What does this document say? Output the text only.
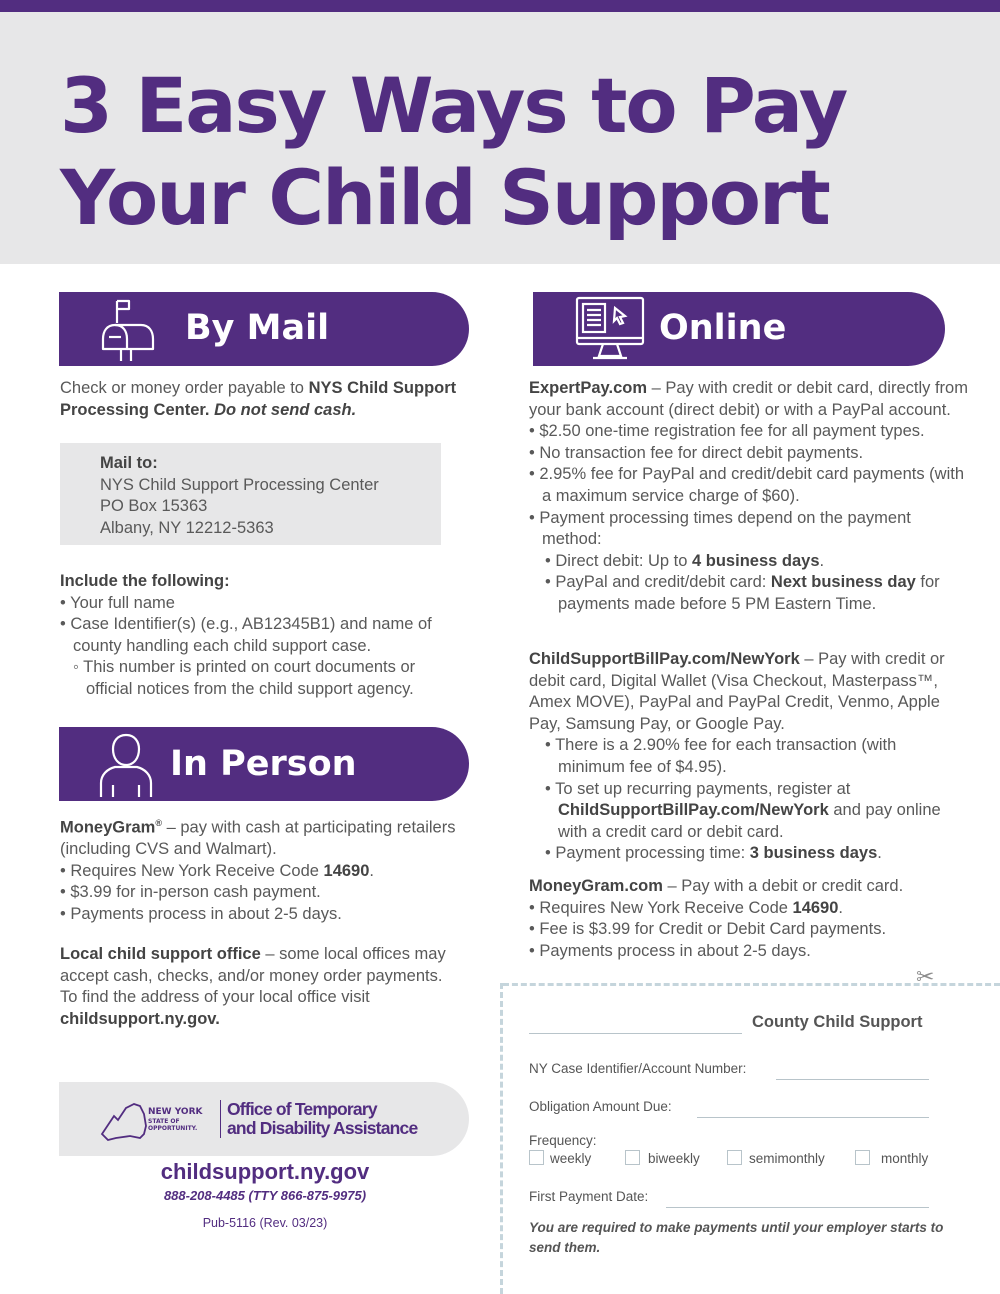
3 Easy Ways to Pay
Your Child Support
By Mail
Check or money order payable to NYS Child Support Processing Center. Do not send cash.
Mail to:
NYS Child Support Processing Center
PO Box 15363
Albany, NY 12212-5363
Include the following:
• Your full name
• Case Identifier(s) (e.g., AB12345B1) and name of county handling each child support case.
◦ This number is printed on court documents or official notices from the child support agency.
In Person
MoneyGram® – pay with cash at participating retailers (including CVS and Walmart).
• Requires New York Receive Code 14690.
• $3.99 for in-person cash payment.
• Payments process in about 2-5 days.
Local child support office – some local offices may accept cash, checks, and/or money order payments. To find the address of your local office visit childsupport.ny.gov.
NEW YORK
STATE OF
OPPORTUNITY.
Office of Temporary
and Disability Assistance
childsupport.ny.gov
888-208-4485 (TTY 866-875-9975)
Pub-5116 (Rev. 03/23)
Online
ExpertPay.com – Pay with credit or debit card, directly from your bank account (direct debit) or with a PayPal account.
• $2.50 one-time registration fee for all payment types.
• No transaction fee for direct debit payments.
• 2.95% fee for PayPal and credit/debit card payments (with a maximum service charge of $60).
• Payment processing times depend on the payment method:
• Direct debit: Up to 4 business days.
• PayPal and credit/debit card: Next business day for payments made before 5 PM Eastern Time.
ChildSupportBillPay.com/NewYork – Pay with credit or debit card, Digital Wallet (Visa Checkout, Masterpass™, Amex MOVE), PayPal and PayPal Credit, Venmo, Apple Pay, Samsung Pay, or Google Pay.
• There is a 2.90% fee for each transaction (with minimum fee of $4.95).
• To set up recurring payments, register at ChildSupportBillPay.com/NewYork and pay online with a credit card or debit card.
• Payment processing time: 3 business days.
MoneyGram.com – Pay with a debit or credit card.
• Requires New York Receive Code 14690.
• Fee is $3.99 for Credit or Debit Card payments.
• Payments process in about 2-5 days.
✂
County Child Support
NY Case Identifier/Account Number:
Obligation Amount Due:
Frequency:
weekly	biweekly	semimonthly	monthly
First Payment Date:
You are required to make payments until your employer starts to send them.
